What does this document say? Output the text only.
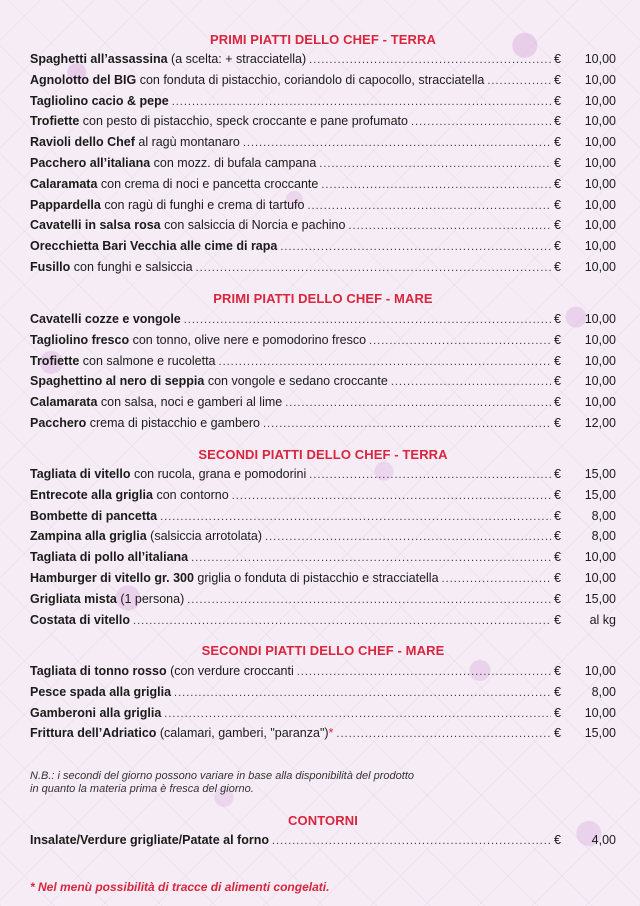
PRIMI PIATTI DELLO CHEF - TERRA
Spaghetti all’assassina (a scelta: + stracciatella) .....	€	10,00
Agnolotto del BIG con fonduta di pistacchio, coriandolo di capocollo, stracciatella .....	€	10,00
Tagliolino cacio & pepe .....	€	10,00
Trofiette con pesto di pistacchio, speck croccante e pane profumato .....	€	10,00
Ravioli dello Chef al ragù montanaro .....	€	10,00
Pacchero all’italiana con mozz. di bufala campana .....	€	10,00
Calaramata con crema di noci e pancetta croccante .....	€	10,00
Pappardella con ragù di funghi e crema di tartufo .....	€	10,00
Cavatelli in salsa rosa con salsiccia di Norcia e pachino .....	€	10,00
Orecchietta Bari Vecchia alle cime di rapa .....	€	10,00
Fusillo con funghi e salsiccia .....	€	10,00
PRIMI PIATTI DELLO CHEF - MARE
Cavatelli cozze e vongole .....	€	10,00
Tagliolino fresco con tonno, olive nere e pomodorino fresco .....	€	10,00
Trofiette con salmone e rucoletta .....	€	10,00
Spaghettino al nero di seppia con vongole e sedano croccante .....	€	10,00
Calamarata con salsa, noci e gamberi al lime .....	€	10,00
Pacchero crema di pistacchio e gambero .....	€	12,00
SECONDI PIATTI DELLO CHEF - TERRA
Tagliata di vitello con rucola, grana e pomodorini .....	€	15,00
Entrecote alla griglia con contorno .....	€	15,00
Bombette di pancetta .....	€	8,00
Zampina alla griglia (salsiccia arrotolata) .....	€	8,00
Tagliata di pollo all’italiana .....	€	10,00
Hamburger di vitello gr. 300 griglia o fonduta di pistacchio e stracciatella .....	€	10,00
Grigliata mista (1 persona) .....	€	15,00
Costata di vitello .....	€	al kg
SECONDI PIATTI DELLO CHEF - MARE
Tagliata di tonno rosso (con verdure croccanti .....	€	10,00
Pesce spada alla griglia .....	€	8,00
Gamberoni alla griglia .....	€	10,00
Frittura dell’Adriatico (calamari, gamberi, "paranza")* .....	€	15,00
N.B.: i secondi del giorno possono variare in base alla disponibilità del prodotto
in quanto la materia prima è fresca del giorno.
CONTORNI
Insalate/Verdure grigliate/Patate al forno .....	€	4,00
* Nel menù possibilità di tracce di alimenti congelati.
